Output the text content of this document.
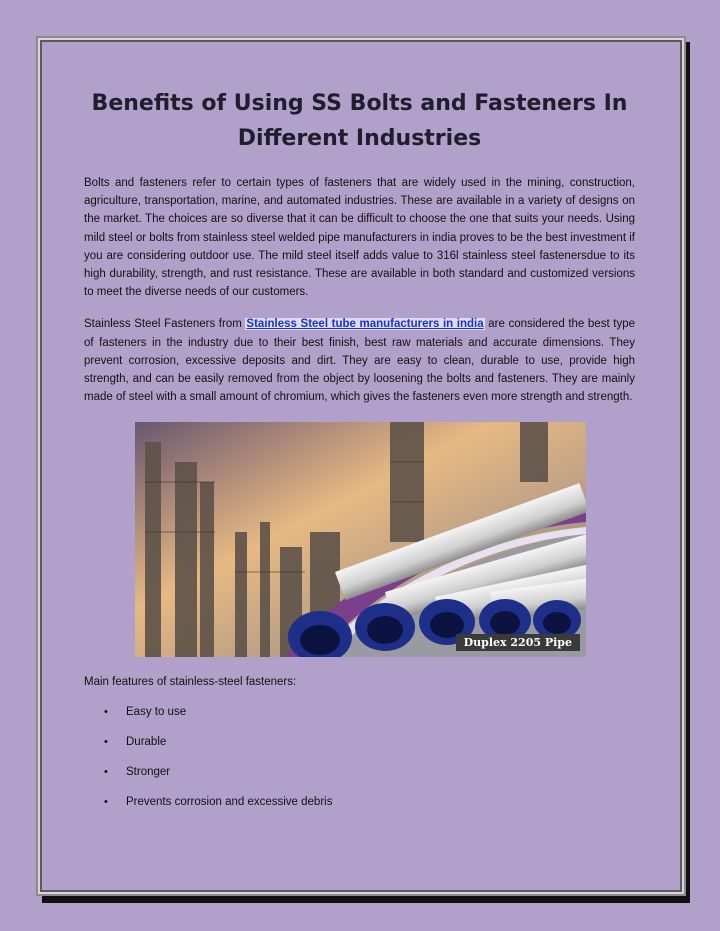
Benefits of Using SS Bolts and Fasteners In Different Industries

Bolts and fasteners refer to certain types of fasteners that are widely used in the mining, construction, agriculture, transportation, marine, and automated industries. These are available in a variety of designs on the market. The choices are so diverse that it can be difficult to choose the one that suits your needs. Using mild steel or bolts from stainless steel welded pipe manufacturers in india proves to be the best investment if you are considering outdoor use. The mild steel itself adds value to 316l stainless steel fastenersdue to its high durability, strength, and rust resistance. These are available in both standard and customized versions to meet the diverse needs of our customers.

Stainless Steel Fasteners from Stainless Steel tube manufacturers in india are considered the best type of fasteners in the industry due to their best finish, best raw materials and accurate dimensions. They prevent corrosion, excessive deposits and dirt. They are easy to clean, durable to use, provide high strength, and can be easily removed from the object by loosening the bolts and fasteners. They are mainly made of steel with a small amount of chromium, which gives the fasteners even more strength and strength.

Duplex 2205 Pipe
Main features of stainless-steel fasteners:
• Easy to use
• Durable
• Stronger
• Prevents corrosion and excessive debris
